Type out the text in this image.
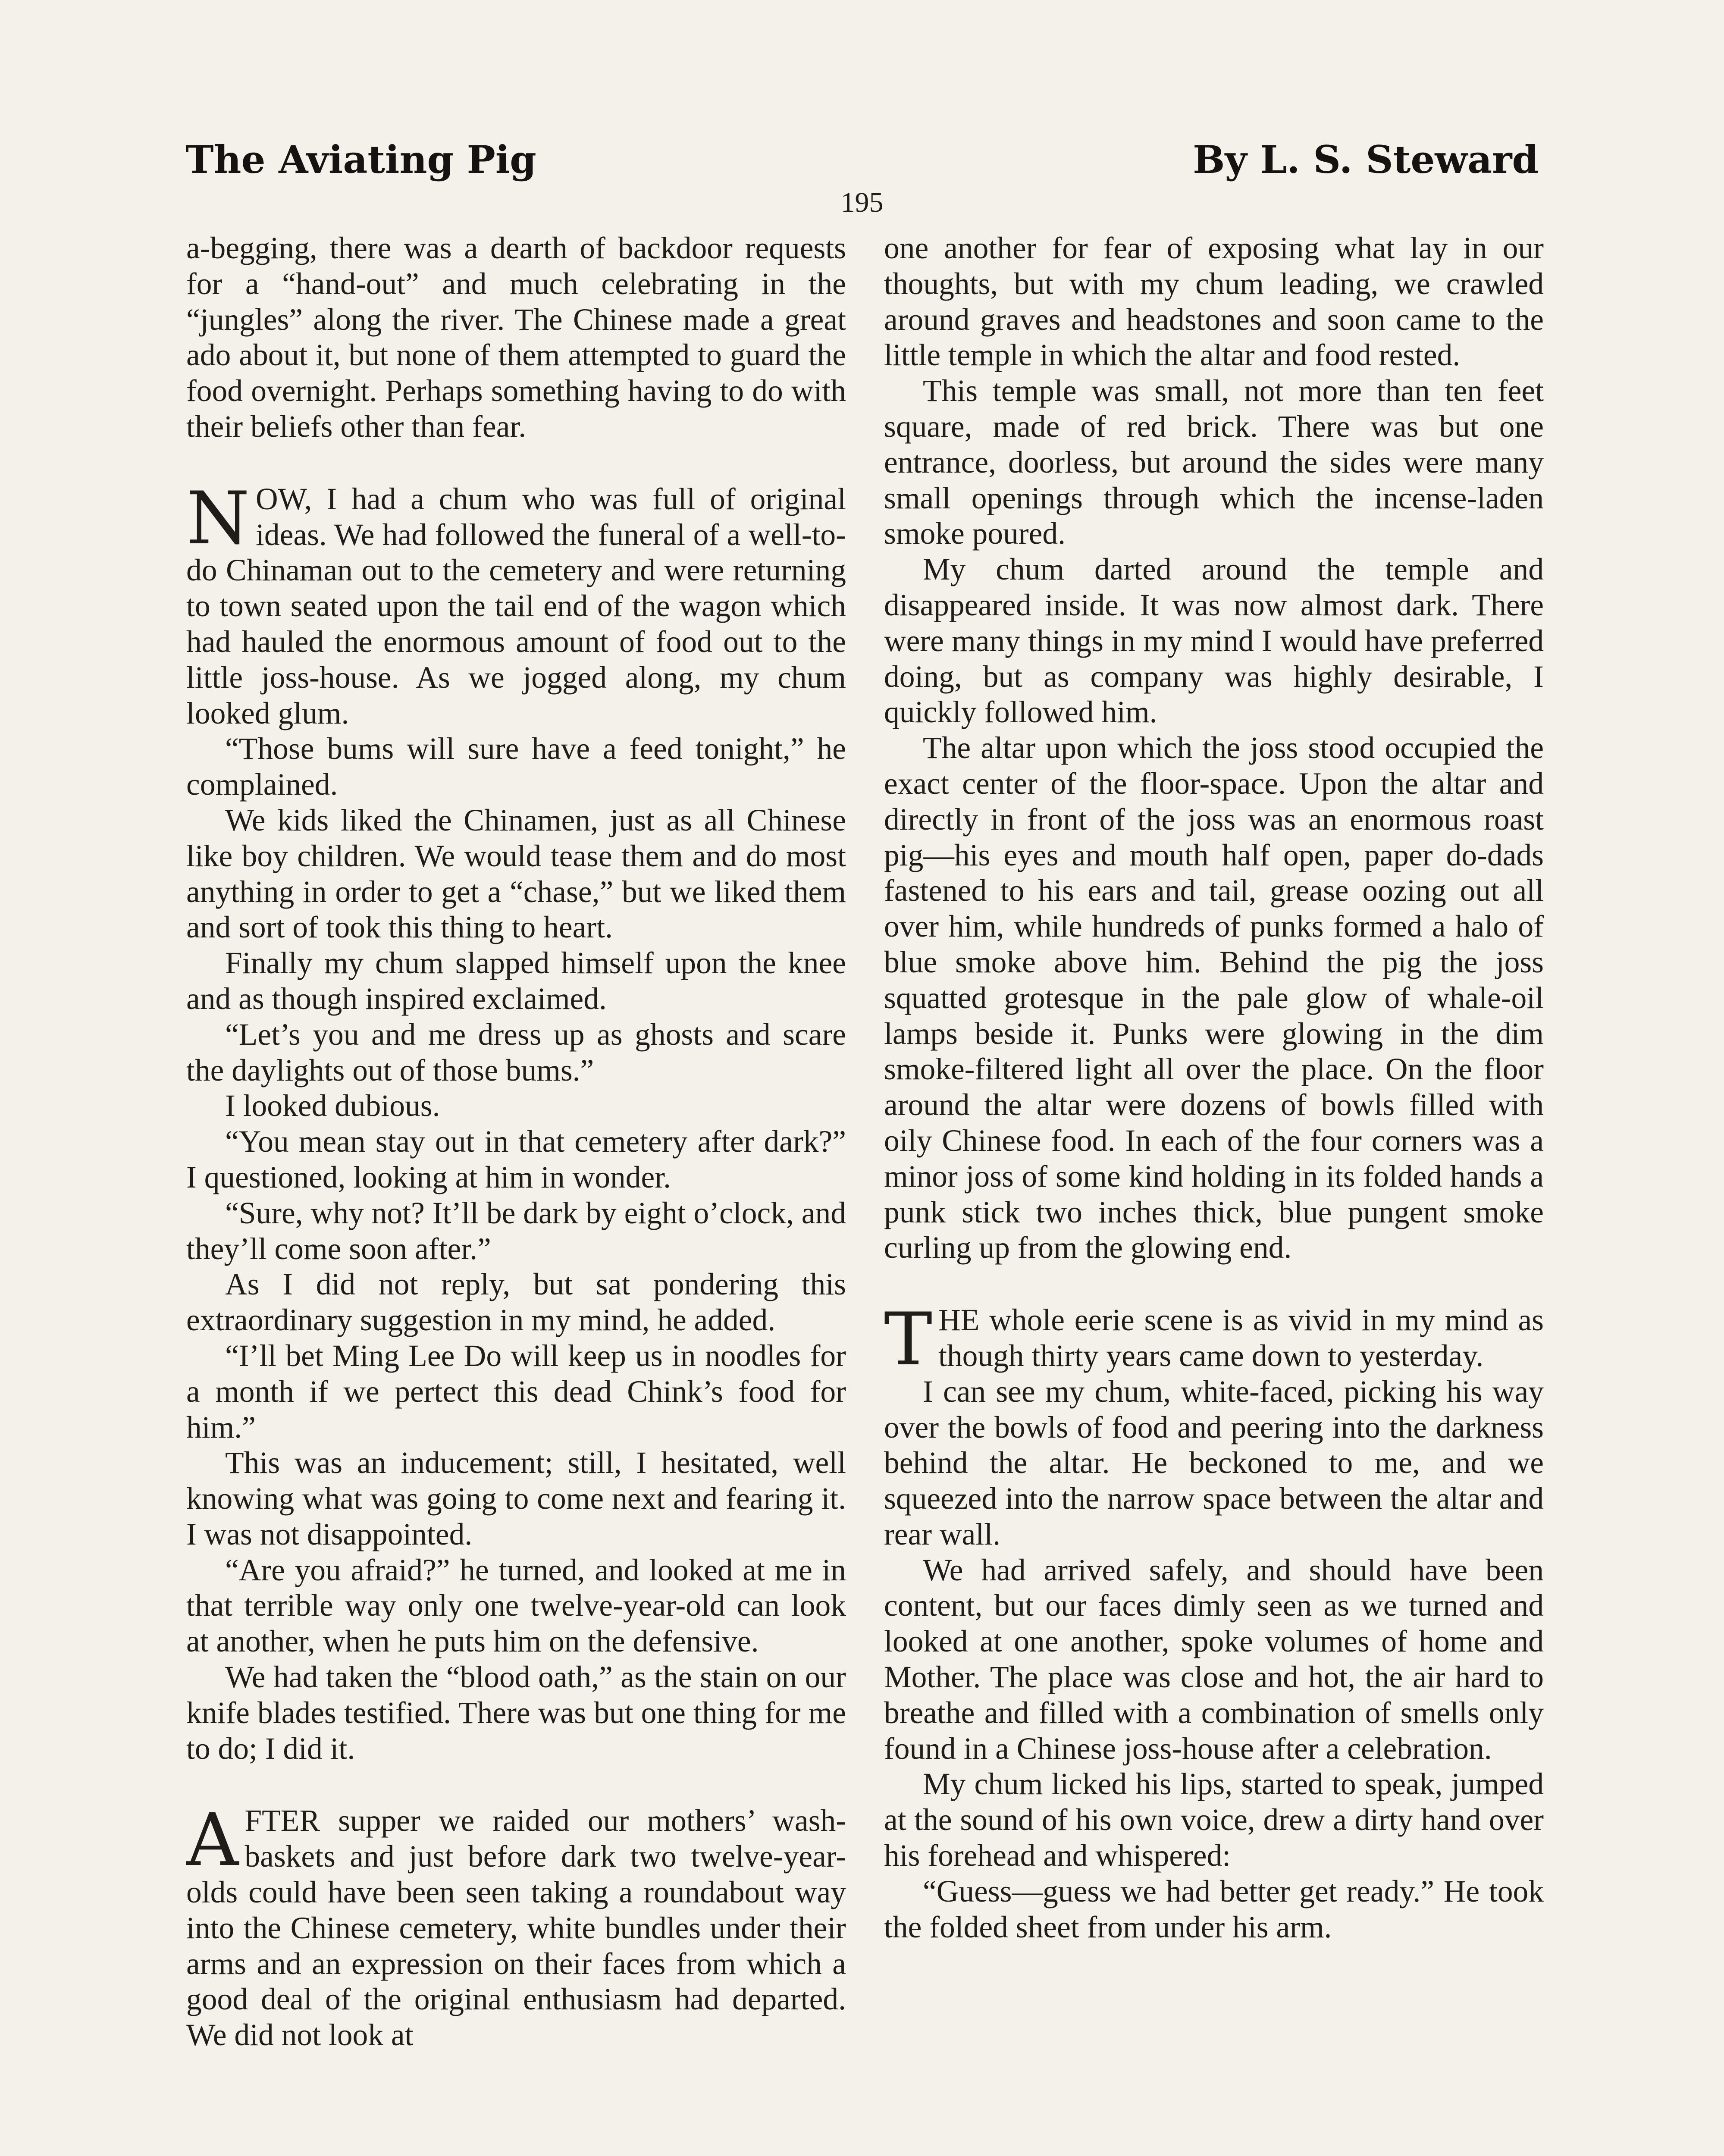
The Aviating Pig	By L. S. Steward
195

a-begging, there was a dearth of backdoor requests for a “hand-out” and much celebrating in the “jungles” along the river. The Chinese made a great ado about it, but none of them attempted to guard the food overnight. Perhaps something having to do with their beliefs other than fear.

NOW, I had a chum who was full of original ideas. We had followed the funeral of a well-to-do Chinaman out to the cemetery and were returning to town seated upon the tail end of the wagon which had hauled the enormous amount of food out to the little joss-house. As we jogged along, my chum looked glum.

“Those bums will sure have a feed tonight,” he complained.

We kids liked the Chinamen, just as all Chinese like boy children. We would tease them and do most anything in order to get a “chase,” but we liked them and sort of took this thing to heart.

Finally my chum slapped himself upon the knee and as though inspired exclaimed.

“Let’s you and me dress up as ghosts and scare the daylights out of those bums.”

I looked dubious.

“You mean stay out in that cemetery after dark?” I questioned, looking at him in wonder.

“Sure, why not? It’ll be dark by eight o’clock, and they’ll come soon after.”

As I did not reply, but sat pondering this extraordinary suggestion in my mind, he added.

“I’ll bet Ming Lee Do will keep us in noodles for a month if we pertect this dead Chink’s food for him.”

This was an inducement; still, I hesitated, well knowing what was going to come next and fearing it. I was not disappointed.

“Are you afraid?” he turned, and looked at me in that terrible way only one twelve-year-old can look at another, when he puts him on the defensive.

We had taken the “blood oath,” as the stain on our knife blades testified. There was but one thing for me to do; I did it.

AFTER supper we raided our mothers’ wash-baskets and just before dark two twelve-year-olds could have been seen taking a roundabout way into the Chinese cemetery, white bundles under their arms and an expression on their faces from which a good deal of the original enthusiasm had departed. We did not look at

one another for fear of exposing what lay in our thoughts, but with my chum leading, we crawled around graves and headstones and soon came to the little temple in which the altar and food rested.

This temple was small, not more than ten feet square, made of red brick. There was but one entrance, doorless, but around the sides were many small openings through which the incense-laden smoke poured.

My chum darted around the temple and disappeared inside. It was now almost dark. There were many things in my mind I would have preferred doing, but as company was highly desirable, I quickly followed him.

The altar upon which the joss stood occupied the exact center of the floor-space. Upon the altar and directly in front of the joss was an enormous roast pig—his eyes and mouth half open, paper do-dads fastened to his ears and tail, grease oozing out all over him, while hundreds of punks formed a halo of blue smoke above him. Behind the pig the joss squatted grotesque in the pale glow of whale-oil lamps beside it. Punks were glowing in the dim smoke-filtered light all over the place. On the floor around the altar were dozens of bowls filled with oily Chinese food. In each of the four corners was a minor joss of some kind holding in its folded hands a punk stick two inches thick, blue pungent smoke curling up from the glowing end.

THE whole eerie scene is as vivid in my mind as though thirty years came down to yesterday.

I can see my chum, white-faced, picking his way over the bowls of food and peering into the darkness behind the altar. He beckoned to me, and we squeezed into the narrow space between the altar and rear wall.

We had arrived safely, and should have been content, but our faces dimly seen as we turned and looked at one another, spoke volumes of home and Mother. The place was close and hot, the air hard to breathe and filled with a combination of smells only found in a Chinese joss-house after a celebration.

My chum licked his lips, started to speak, jumped at the sound of his own voice, drew a dirty hand over his forehead and whispered:

“Guess—guess we had better get ready.” He took the folded sheet from under his arm.
